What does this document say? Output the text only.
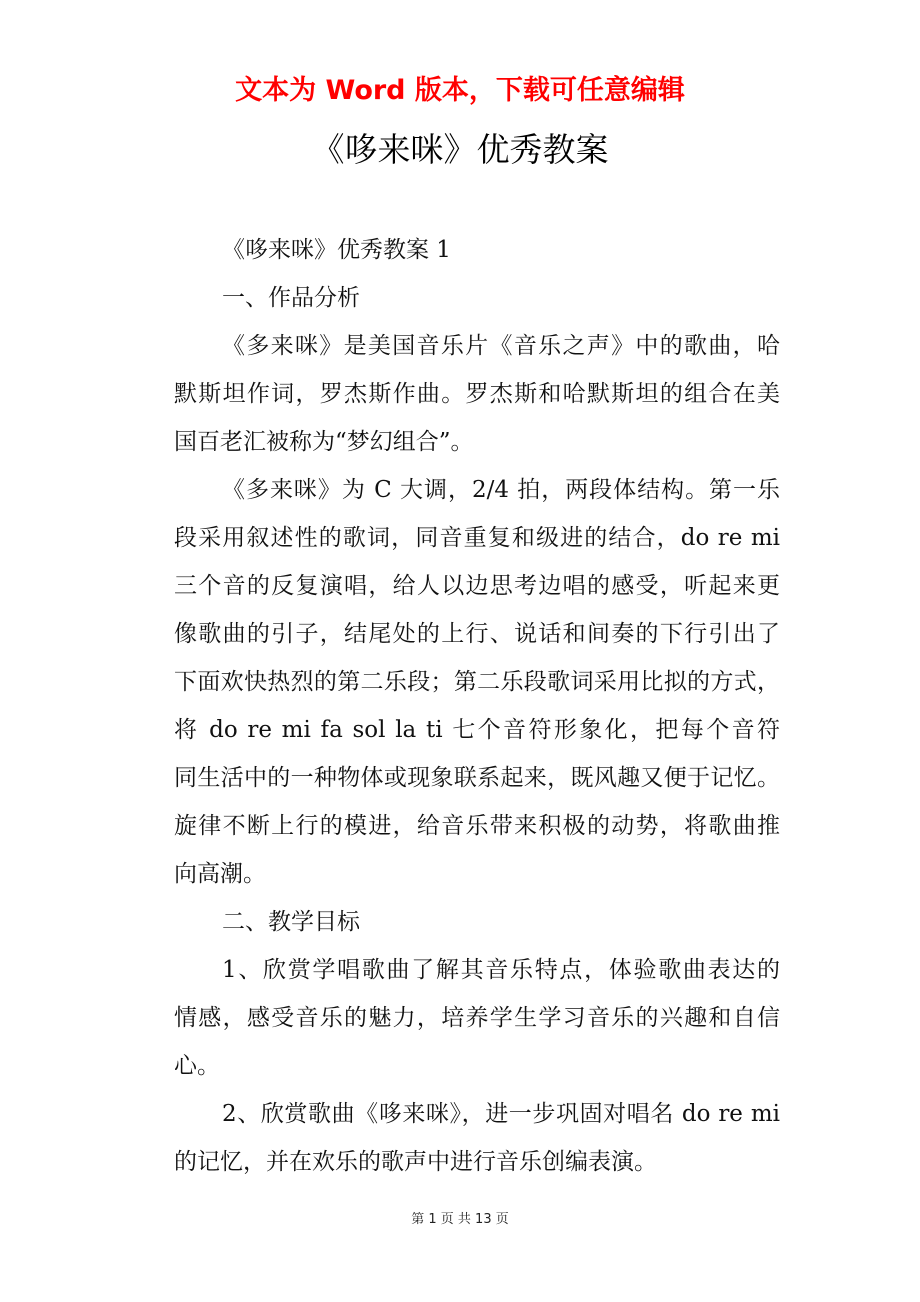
文本为 Word 版本，下载可任意编辑
《哆来咪》优秀教案
《哆来咪》优秀教案 1
一、作品分析
《多来咪》是美国音乐片《音乐之声》中的歌曲，哈
默斯坦作词，罗杰斯作曲。罗杰斯和哈默斯坦的组合在美
国百老汇被称为“梦幻组合”。
《多来咪》为 C 大调，2/4 拍，两段体结构。第一乐
段采用叙述性的歌词，同音重复和级进的结合，do re mi
三个音的反复演唱，给人以边思考边唱的感受，听起来更
像歌曲的引子，结尾处的上行、说话和间奏的下行引出了
下面欢快热烈的第二乐段；第二乐段歌词采用比拟的方式，
将 do re mi fa sol la ti 七个音符形象化，把每个音符
同生活中的一种物体或现象联系起来，既风趣又便于记忆。
旋律不断上行的模进，给音乐带来积极的动势，将歌曲推
向高潮。
二、教学目标
1、欣赏学唱歌曲了解其音乐特点，体验歌曲表达的
情感，感受音乐的魅力，培养学生学习音乐的兴趣和自信
心。
2、欣赏歌曲《哆来咪》，进一步巩固对唱名 do re mi
的记忆，并在欢乐的歌声中进行音乐创编表演。
第 1 页 共 13 页
